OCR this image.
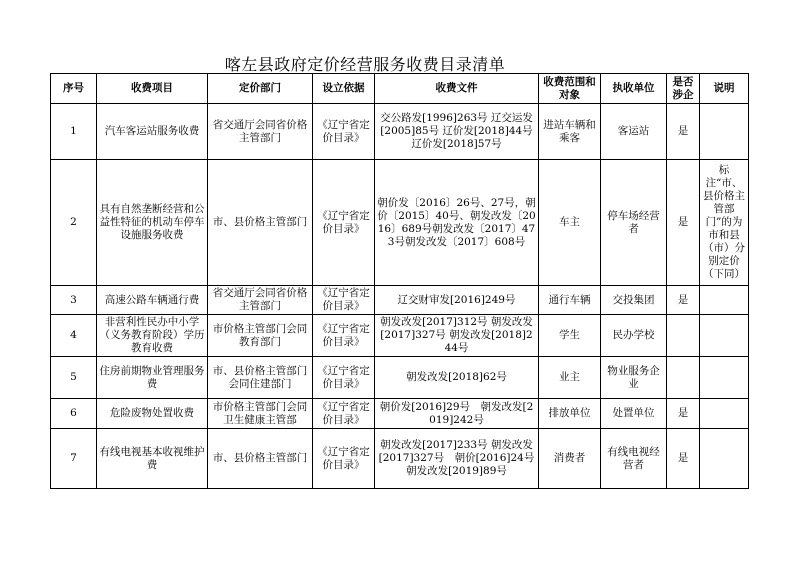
喀左县政府定价经营服务收费目录清单
序号	收费项目	定价部门	设立依据	收费文件	收费范围和对象	执收单位	是否涉企	说明
1	汽车客运站服务收费	省交通厅会同省价格主管部门	《辽宁省定价目录》	交公路发[1996]263号 辽交运发[2005]85号 辽价发[2018]44号 辽价发[2018]57号	进站车辆和乘客	客运站	是	
2	具有自然垄断经营和公益性特征的机动车停车设施服务收费	市、县价格主管部门	《辽宁省定价目录》	朝价发〔2016〕26号、27号，朝价〔2015〕40号、朝发改发〔2016〕689号朝发改发〔2017〕473号朝发改发〔2017〕608号	车主	停车场经营者	是	标注“市、县价格主管部门”的为市和县（市）分别定价（下同）
3	高速公路车辆通行费	省交通厅会同省价格主管部门	《辽宁省定价目录》	辽交财审发[2016]249号	通行车辆	交投集团	是	
4	非营利性民办中小学（义务教育阶段）学历教育收费	市价格主管部门会同教育部门	《辽宁省定价目录》	朝发改发[2017]312号 朝发改发[2017]327号 朝发改发[2018]244号	学生	民办学校		
5	住房前期物业管理服务费	市、县价格主管部门会同住建部门	《辽宁省定价目录》	朝发改发[2018]62号	业主	物业服务企业		
6	危险废物处置收费	市价格主管部门会同卫生健康主管部	《辽宁省定价目录》	朝价发[2016]29号　朝发改发[2019]242号	排放单位	处置单位	是	
7	有线电视基本收视维护费	市、县价格主管部门	《辽宁省定价目录》	朝发改发[2017]233号 朝发改发[2017]327号　朝价[2016]24号 朝发改发[2019]89号	消费者	有线电视经营者	是	
